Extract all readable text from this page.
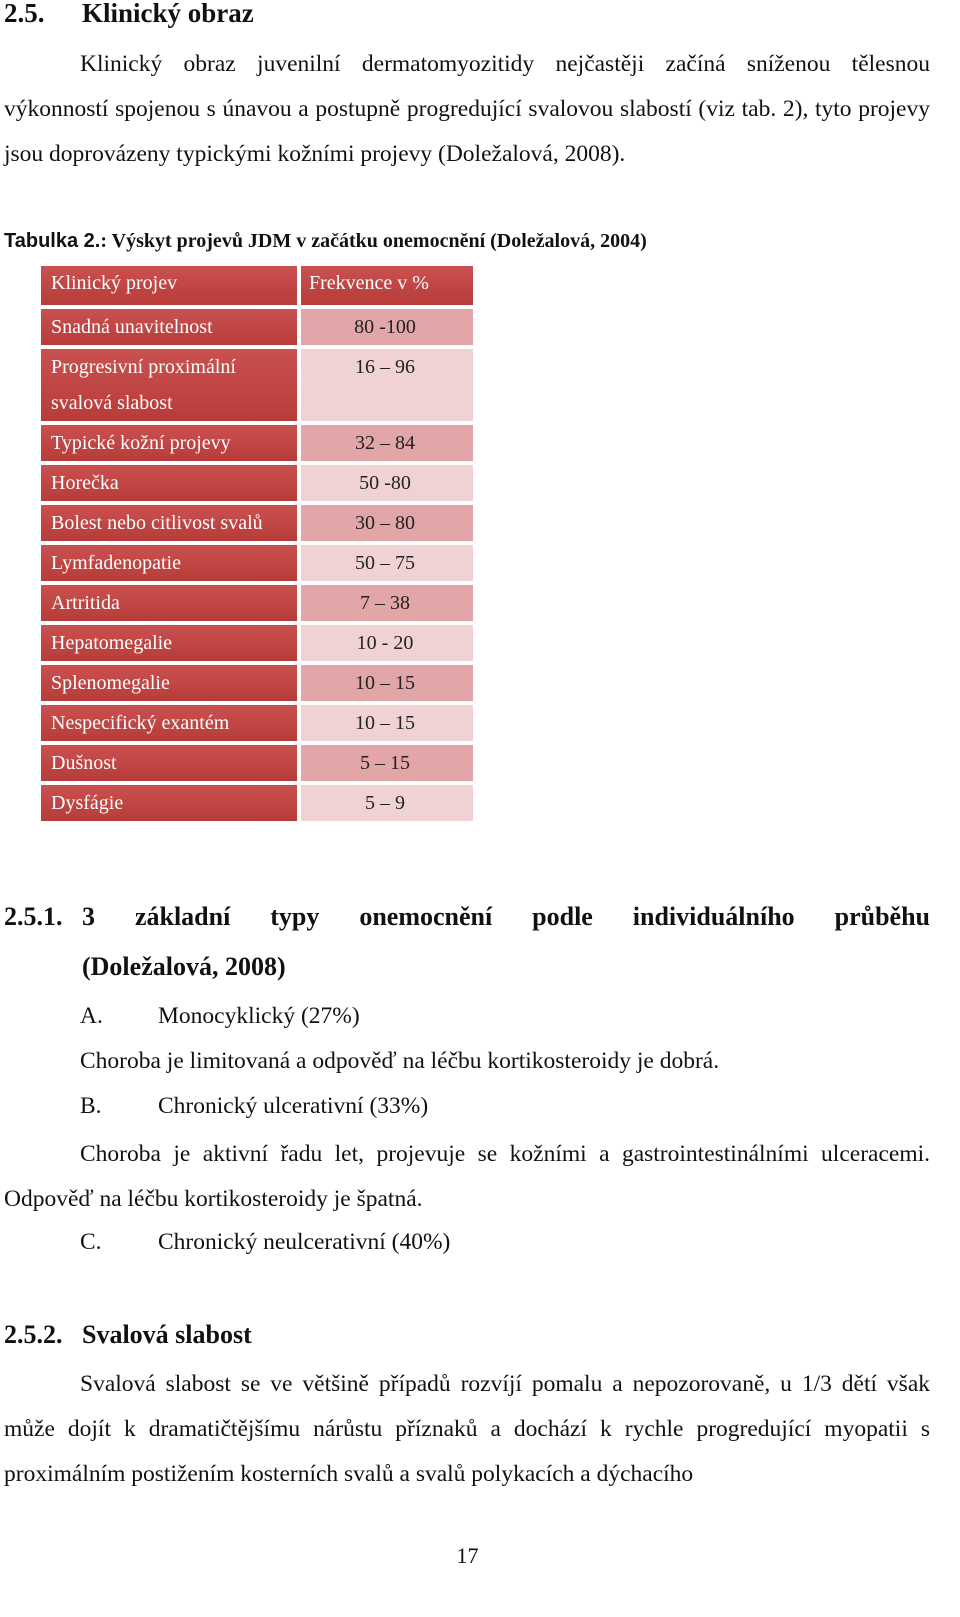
2.5. Klinický obraz
Klinický obraz juvenilní dermatomyozitidy nejčastěji začíná sníženou tělesnou výkonností spojenou s únavou a postupně progredující svalovou slabostí (viz tab. 2), tyto projevy jsou doprovázeny typickými kožními projevy (Doležalová, 2008).
Tabulka 2.: Výskyt projevů JDM v začátku onemocnění (Doležalová, 2004)
Klinický projev	Frekvence v %

Snadná unavitelnost	80 -100

Progresivní proximální
svalová slabost	16 – 96

Typické kožní projevy	32 – 84

Horečka	50 -80

Bolest nebo citlivost svalů	30 – 80

Lymfadenopatie	50 – 75

Artritida	7 – 38

Hepatomegalie	10 - 20

Splenomegalie	10 – 15

Nespecifický exantém	10 – 15

Dušnost	5 – 15

Dysfágie	5 – 9
2.5.1. 3 základní typy onemocnění podle individuálního průběhu
(Doležalová, 2008)
A. Monocyklický (27%)
Choroba je limitovaná a odpověď na léčbu kortikosteroidy je dobrá.
B. Chronický ulcerativní (33%)
Choroba je aktivní řadu let, projevuje se kožními a gastrointestinálními ulceracemi. Odpověď na léčbu kortikosteroidy je špatná.
C. Chronický neulcerativní (40%)
2.5.2. Svalová slabost
Svalová slabost se ve většině případů rozvíjí pomalu a nepozorovaně, u 1/3 dětí však může dojít k dramatičtějšímu nárůstu příznaků a dochází k rychle progredující myopatii s proximálním postižením kosterních svalů a svalů polykacích a dýchacího
17
